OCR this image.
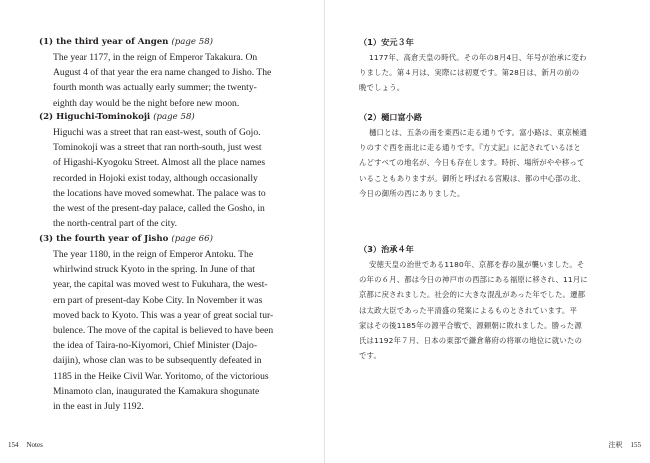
(1) the third year of Angen (page 58)

The year 1177, in the reign of Emperor Takakura. On
August 4 of that year the era name changed to Jisho. The
fourth month was actually early summer; the twenty-
eighth day would be the night before new moon.

(2) Higuchi-Tominokoji (page 58)

Higuchi was a street that ran east-west, south of Gojo.
Tominokoji was a street that ran north-south, just west
of Higashi-Kyogoku Street. Almost all the place names
recorded in Hojoki exist today, although occasionally
the locations have moved somewhat. The palace was to
the west of the present-day palace, called the Gosho, in
the north-central part of the city.

(3) the fourth year of Jisho (page 66)

The year 1180, in the reign of Emperor Antoku. The
whirlwind struck Kyoto in the spring. In June of that
year, the capital was moved west to Fukuhara, the west-
ern part of present-day Kobe City. In November it was
moved back to Kyoto. This was a year of great social tur-
bulence. The move of the capital is believed to have been
the idea of Taira-no-Kiyomori, Chief Minister (Dajo-
daijin), whose clan was to be subsequently defeated in
1185 in the Heike Civil War. Yoritomo, of the victorious
Minamoto clan, inaugurated the Kamakura shogunate
in the east in July 1192.

154 Notes

（1）安元３年

1177年、高倉天皇の時代。その年の8月4日、年号が治承に変わ
りました。第４月は、実際には初夏です。第28日は、新月の前の
晩でしょう。

（2）樋口富小路

樋口とは、五条の南を東西に走る通りです。富小路は、東京極通
りのすぐ西を南北に走る通りです。『方丈記』に記されているほと
んどすべての地名が、今日も存在します。時折、場所がやや移って
いることもありますが。御所と呼ばれる宮殿は、都の中心部の北、
今日の御所の西にありました。

（3）治承４年

安徳天皇の治世である1180年、京都を春の嵐が襲いました。そ
の年の６月、都は今日の神戸市の西部にある福原に移され、11月に
京都に戻されました。社会的に大きな混乱があった年でした。遷都
は太政大臣であった平清盛の発案によるものとされています。平
家はその後1185年の源平合戦で、源頼朝に敗れました。勝った源
氏は1192年７月、日本の東部で鎌倉幕府の将軍の地位に就いたの
です。

注釈 155
